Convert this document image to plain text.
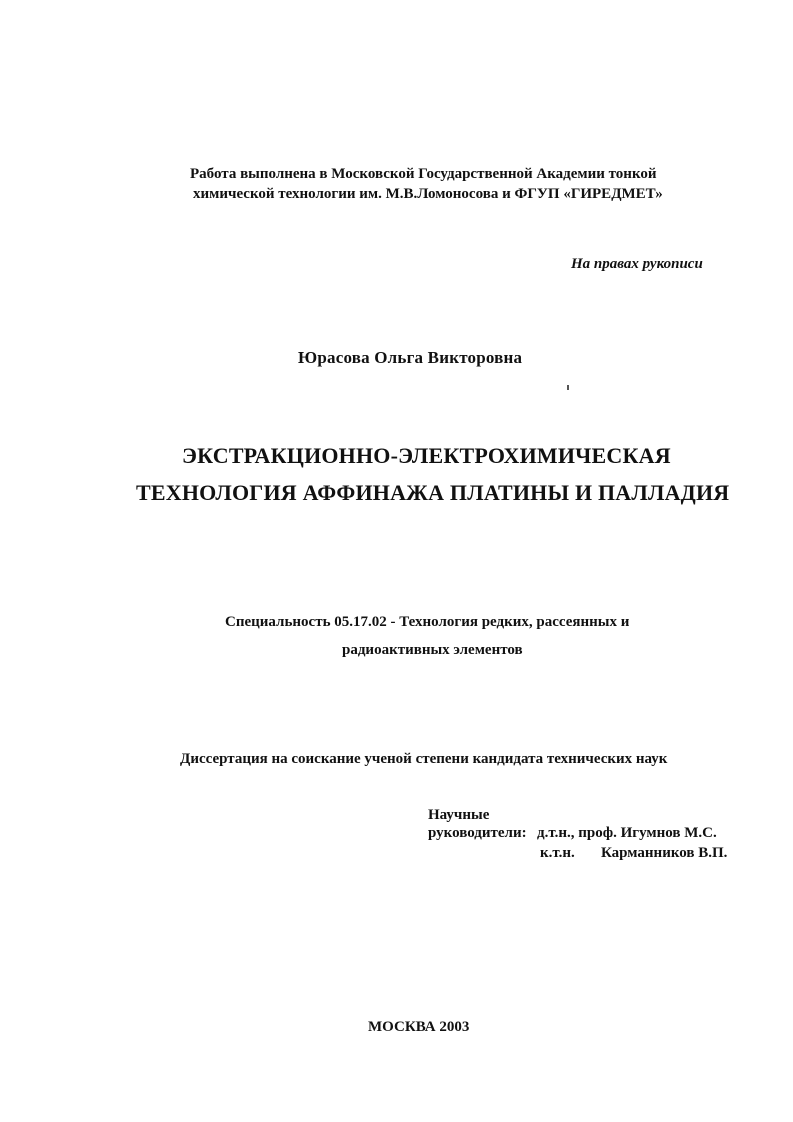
Работа выполнена в Московской Государственной Академии тонкой
химической технологии им. М.В.Ломоносова и ФГУП «ГИРЕДМЕТ»
На правах рукописи
Юрасова Ольга Викторовна
ЭКСТРАКЦИОННО-ЭЛЕКТРОХИМИЧЕСКАЯ
ТЕХНОЛОГИЯ АФФИНАЖА ПЛАТИНЫ И ПАЛЛАДИЯ
Специальность 05.17.02 - Технология редких, рассеянных и
радиоактивных элементов
Диссертация на соискание ученой степени кандидата технических наук
Научные
руководители: д.т.н., проф. Игумнов М.С.
к.т.н. Карманников В.П.
МОСКВА 2003
